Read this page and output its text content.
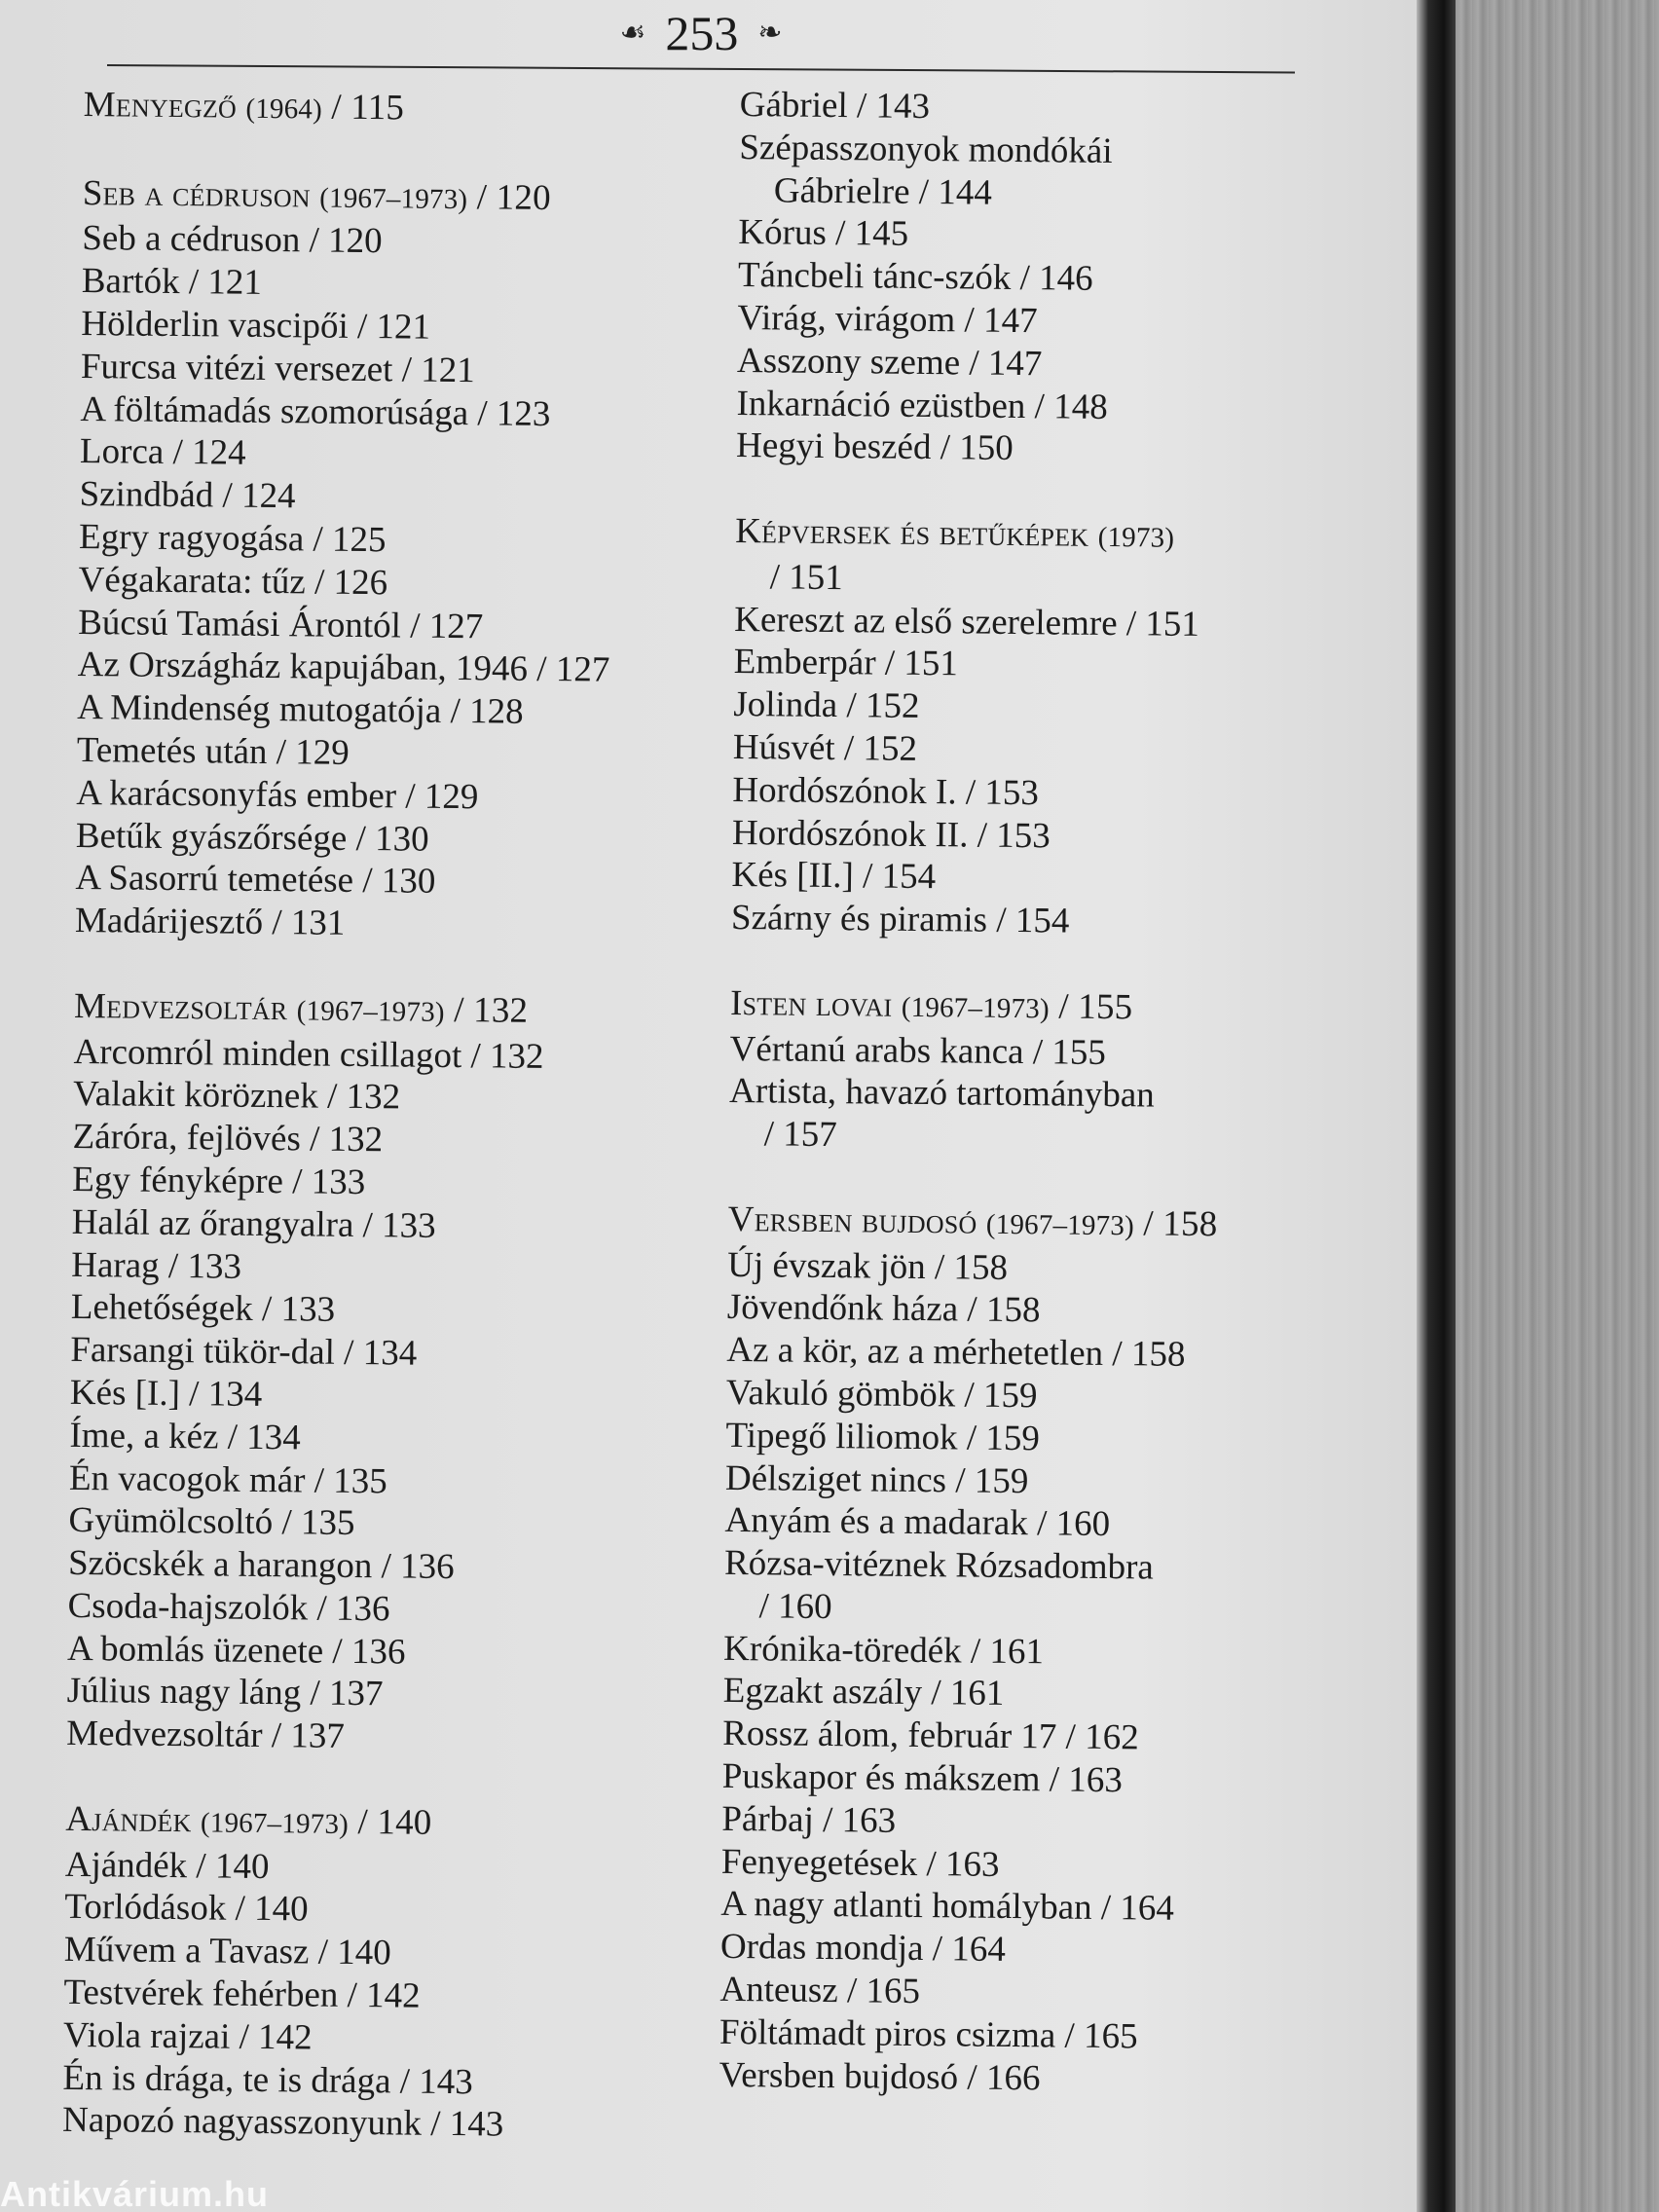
☙ 253 ❧
Menyegző (1964) / 115
Seb a cédruson (1967–1973) / 120
Seb a cédruson / 120
Bartók / 121
Hölderlin vascipői / 121
Furcsa vitézi versezet / 121
A föltámadás szomorúsága / 123
Lorca / 124
Szindbád / 124
Egry ragyogása / 125
Végakarata: tűz / 126
Búcsú Tamási Árontól / 127
Az Országház kapujában, 1946 / 127
A Mindenség mutogatója / 128
Temetés után / 129
A karácsonyfás ember / 129
Betűk gyászőrsége / 130
A Sasorrú temetése / 130
Madárijesztő / 131
Medvezsoltár (1967–1973) / 132
Arcomról minden csillagot / 132
Valakit köröznek / 132
Záróra, fejlövés / 132
Egy fényképre / 133
Halál az őrangyalra / 133
Harag / 133
Lehetőségek / 133
Farsangi tükör-dal / 134
Kés [I.] / 134
Íme, a kéz / 134
Én vacogok már / 135
Gyümölcsoltó / 135
Szöcskék a harangon / 136
Csoda-hajszolók / 136
A bomlás üzenete / 136
Július nagy láng / 137
Medvezsoltár / 137
Ajándék (1967–1973) / 140
Ajándék / 140
Torlódások / 140
Művem a Tavasz / 140
Testvérek fehérben / 142
Viola rajzai / 142
Én is drága, te is drága / 143
Napozó nagyasszonyunk / 143
Gábriel / 143
Szépasszonyok mondókái
Gábrielre / 144
Kórus / 145
Táncbeli tánc-szók / 146
Virág, virágom / 147
Asszony szeme / 147
Inkarnáció ezüstben / 148
Hegyi beszéd / 150
Képversek és betűképek (1973)
/ 151
Kereszt az első szerelemre / 151
Emberpár / 151
Jolinda / 152
Húsvét / 152
Hordószónok I. / 153
Hordószónok II. / 153
Kés [II.] / 154
Szárny és piramis / 154
Isten lovai (1967–1973) / 155
Vértanú arabs kanca / 155
Artista, havazó tartományban
/ 157
Versben bujdosó (1967–1973) / 158
Új évszak jön / 158
Jövendőnk háza / 158
Az a kör, az a mérhetetlen / 158
Vakuló gömbök / 159
Tipegő liliomok / 159
Délsziget nincs / 159
Anyám és a madarak / 160
Rózsa-vitéznek Rózsadombra
/ 160
Krónika-töredék / 161
Egzakt aszály / 161
Rossz álom, február 17 / 162
Puskapor és mákszem / 163
Párbaj / 163
Fenyegetések / 163
A nagy atlanti homályban / 164
Ordas mondja / 164
Anteusz / 165
Föltámadt piros csizma / 165
Versben bujdosó / 166
Antikvárium.hu
